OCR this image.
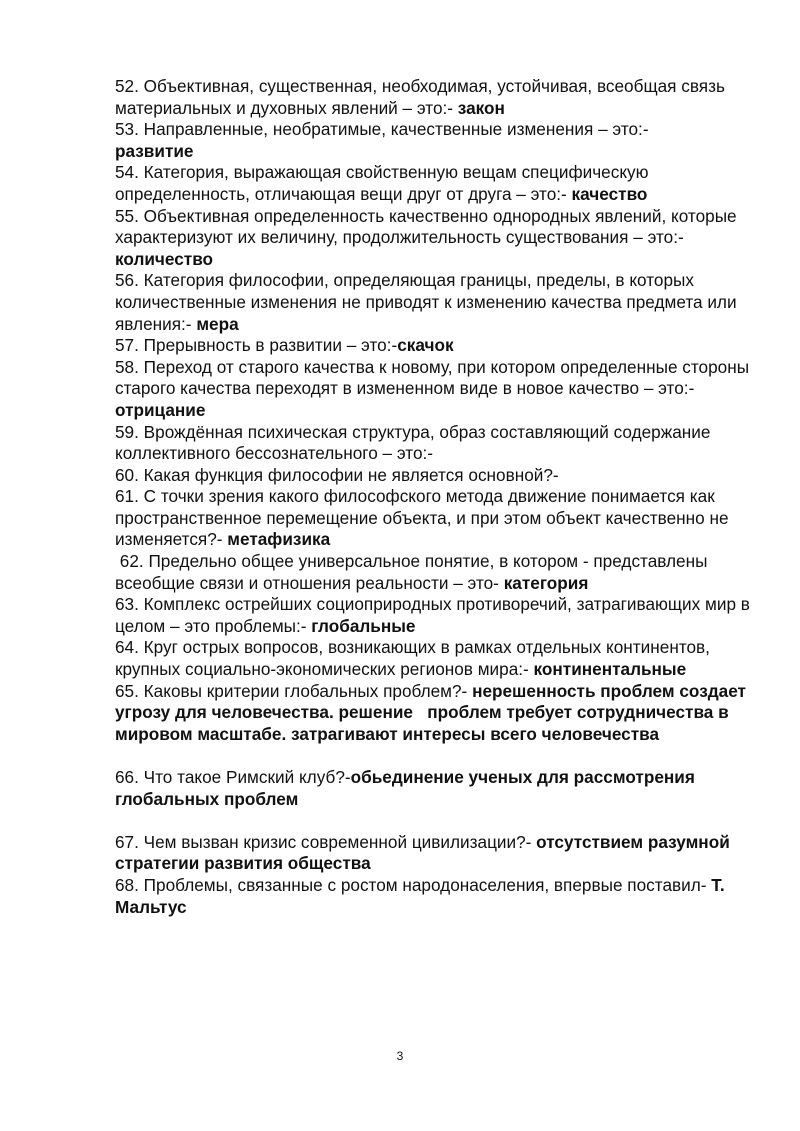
52. Объективная, существенная, необходимая, устойчивая, всеобщая связь материальных и духовных явлений – это:- закон

53. Направленные, необратимые, качественные изменения – это:-
развитие

54. Категория, выражающая свойственную вещам специфическую определенность, отличающая вещи друг от друга – это:- качество

55. Объективная определенность качественно однородных явлений, которые характеризуют их величину, продолжительность существования – это:- количество

56. Категория философии, определяющая границы, пределы, в которых количественные изменения не приводят к изменению качества предмета или явления:- мера

57. Прерывность в развитии – это:-скачок

58. Переход от старого качества к новому, при котором определенные стороны старого качества переходят в измененном виде в новое качество – это:- отрицание

59. Врождённая психическая структура, образ составляющий содержание коллективного бессознательного – это:-

60. Какая функция философии не является основной?-

61. С точки зрения какого философского метода движение понимается как пространственное перемещение объекта, и при этом объект качественно не изменяется?- метафизика

62. Предельно общее универсальное понятие, в котором - представлены всеобщие связи и отношения реальности – это- категория

63. Комплекс острейших социоприродных противоречий, затрагивающих мир в целом – это проблемы:- глобальные

64. Круг острых вопросов, возникающих в рамках отдельных континентов, крупных социально-экономических регионов мира:- континентальные

65. Каковы критерии глобальных проблем?- нерешенность проблем создает угрозу для человечества. решение   проблем требует сотрудничества в мировом масштабе. затрагивают интересы всего человечества

66. Что такое Римский клуб?-обьединение ученых для рассмотрения глобальных проблем

67. Чем вызван кризис современной цивилизации?- отсутствием разумной стратегии развития общества

68. Проблемы, связанные с ростом народонаселения, впервые поставил- Т. Мальтус

3
